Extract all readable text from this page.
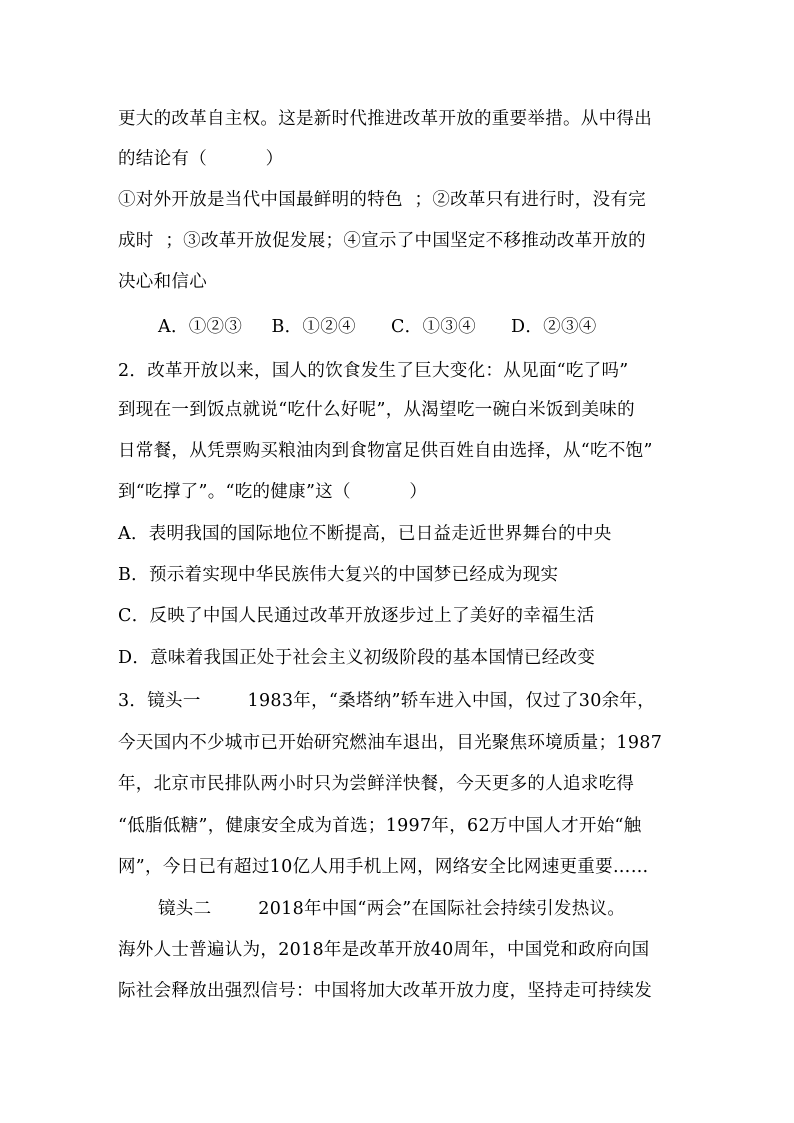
更大的改革自主权。这是新时代推进改革开放的重要举措。从中得出
的结论有（          ）
①对外开放是当代中国最鲜明的特色  ；②改革只有进行时，没有完
成时  ；③改革开放促发展；④宣示了中国坚定不移推动改革开放的
决心和信心
A．①②③     B．①②④      C．①③④      D．②③④
2．改革开放以来，国人的饮食发生了巨大变化：从见面“吃了吗”
到现在一到饭点就说“吃什么好呢”，从渴望吃一碗白米饭到美味的
日常餐，从凭票购买粮油肉到食物富足供百姓自由选择，从“吃不饱”
到“吃撑了”。“吃的健康”这（          ）
A．表明我国的国际地位不断提高，已日益走近世界舞台的中央
B．预示着实现中华民族伟大复兴的中国梦已经成为现实
C．反映了中国人民通过改革开放逐步过上了美好的幸福生活
D．意味着我国正处于社会主义初级阶段的基本国情已经改变
3．镜头一        1983年，“桑塔纳”轿车进入中国，仅过了30余年，
今天国内不少城市已开始研究燃油车退出，目光聚焦环境质量；1987
年，北京市民排队两小时只为尝鲜洋快餐，今天更多的人追求吃得
“低脂低糖”，健康安全成为首选；1997年，62万中国人才开始“触
网”，今日已有超过10亿人用手机上网，网络安全比网速更重要……
镜头二        2018年中国“两会”在国际社会持续引发热议。
海外人士普遍认为，2018年是改革开放40周年，中国党和政府向国
际社会释放出强烈信号：中国将加大改革开放力度，坚持走可持续发
